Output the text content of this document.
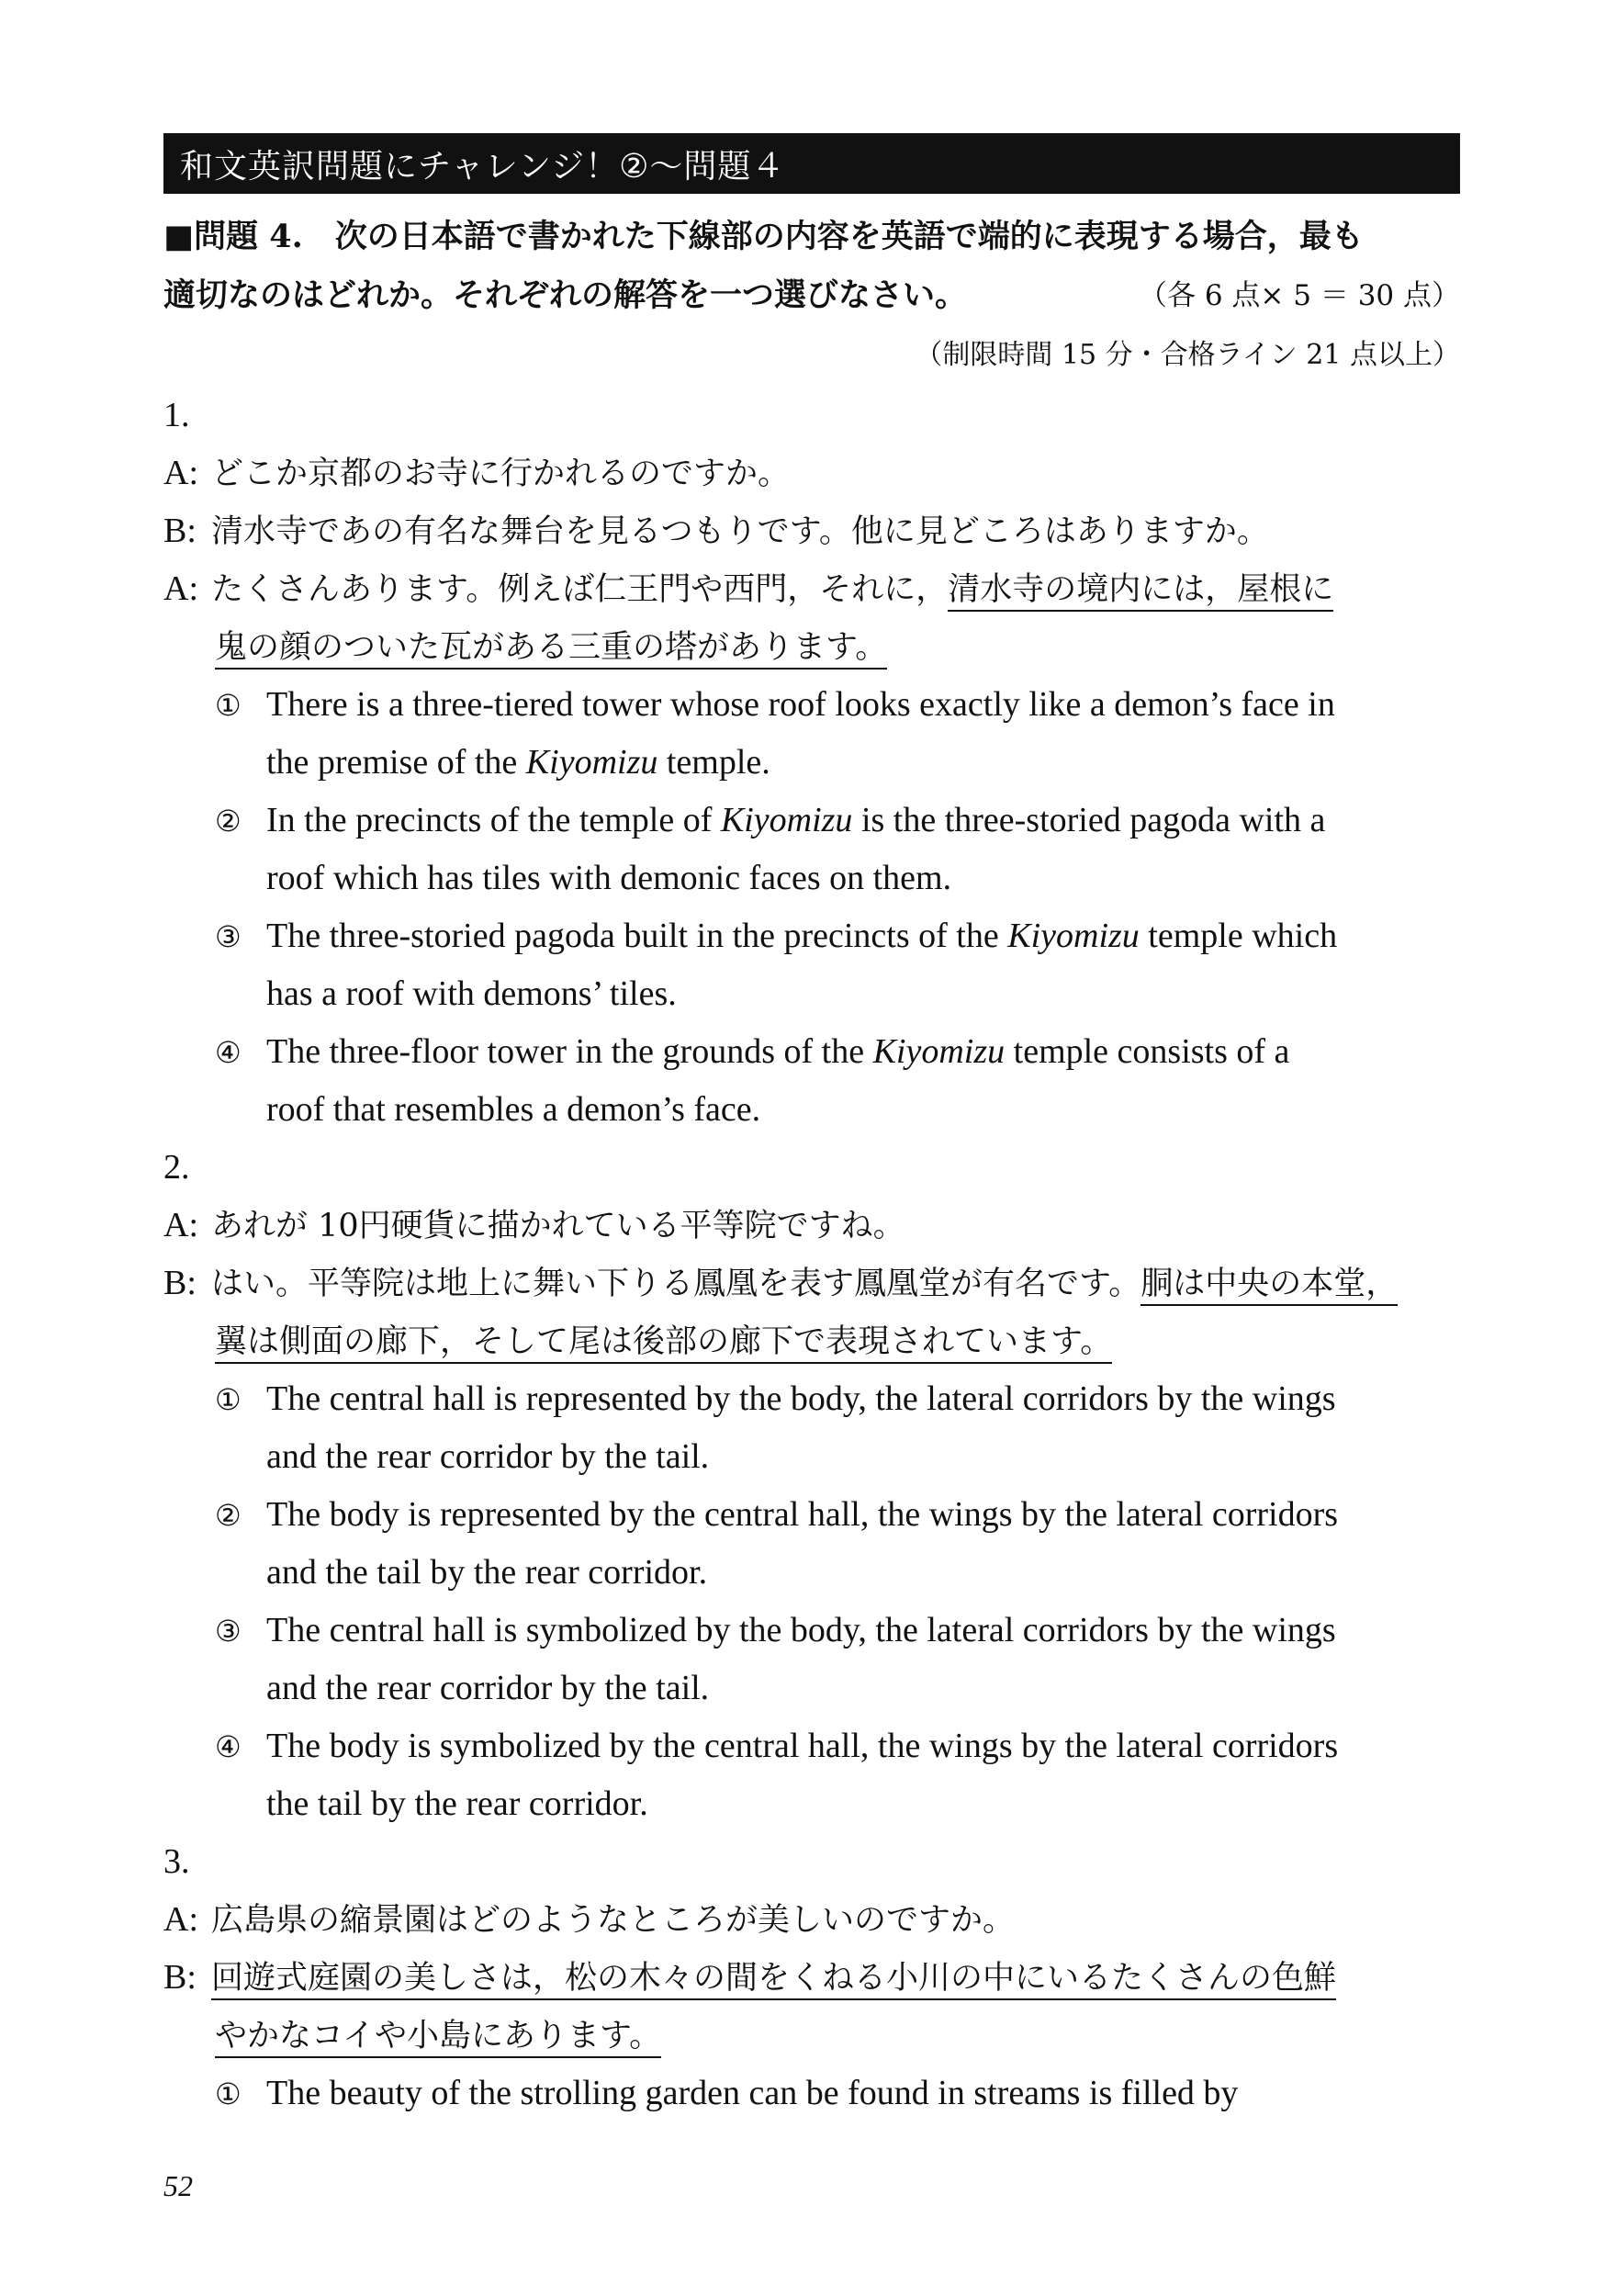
和文英訳問題にチャレンジ！②〜問題４
■問題 4.　次の日本語で書かれた下線部の内容を英語で端的に表現する場合，最も
適切なのはどれか。それぞれの解答を一つ選びなさい。	（各 6 点× 5 ＝ 30 点）
（制限時間 15 分・合格ライン 21 点以上）
1.
A: どこか京都のお寺に行かれるのですか。
B: 清水寺であの有名な舞台を見るつもりです。他に見どころはありますか。
A: たくさんあります。例えば仁王門や西門，それに，清水寺の境内には，屋根に
鬼の顔のついた瓦がある三重の塔があります。
① There is a three-tiered tower whose roof looks exactly like a demon’s face in
the premise of the Kiyomizu temple.
② In the precincts of the temple of Kiyomizu is the three-storied pagoda with a
roof which has tiles with demonic faces on them.
③ The three-storied pagoda built in the precincts of the Kiyomizu temple which
has a roof with demons’ tiles.
④ The three-floor tower in the grounds of the Kiyomizu temple consists of a
roof that resembles a demon’s face.
2.
A: あれが 10円硬貨に描かれている平等院ですね。
B: はい。平等院は地上に舞い下りる鳳凰を表す鳳凰堂が有名です。胴は中央の本堂，
翼は側面の廊下，そして尾は後部の廊下で表現されています。
① The central hall is represented by the body, the lateral corridors by the wings
and the rear corridor by the tail.
② The body is represented by the central hall, the wings by the lateral corridors
and the tail by the rear corridor.
③ The central hall is symbolized by the body, the lateral corridors by the wings
and the rear corridor by the tail.
④ The body is symbolized by the central hall, the wings by the lateral corridors
the tail by the rear corridor.
3.
A: 広島県の縮景園はどのようなところが美しいのですか。
B: 回遊式庭園の美しさは，松の木々の間をくねる小川の中にいるたくさんの色鮮
やかなコイや小島にあります。
① The beauty of the strolling garden can be found in streams is filled by
52
